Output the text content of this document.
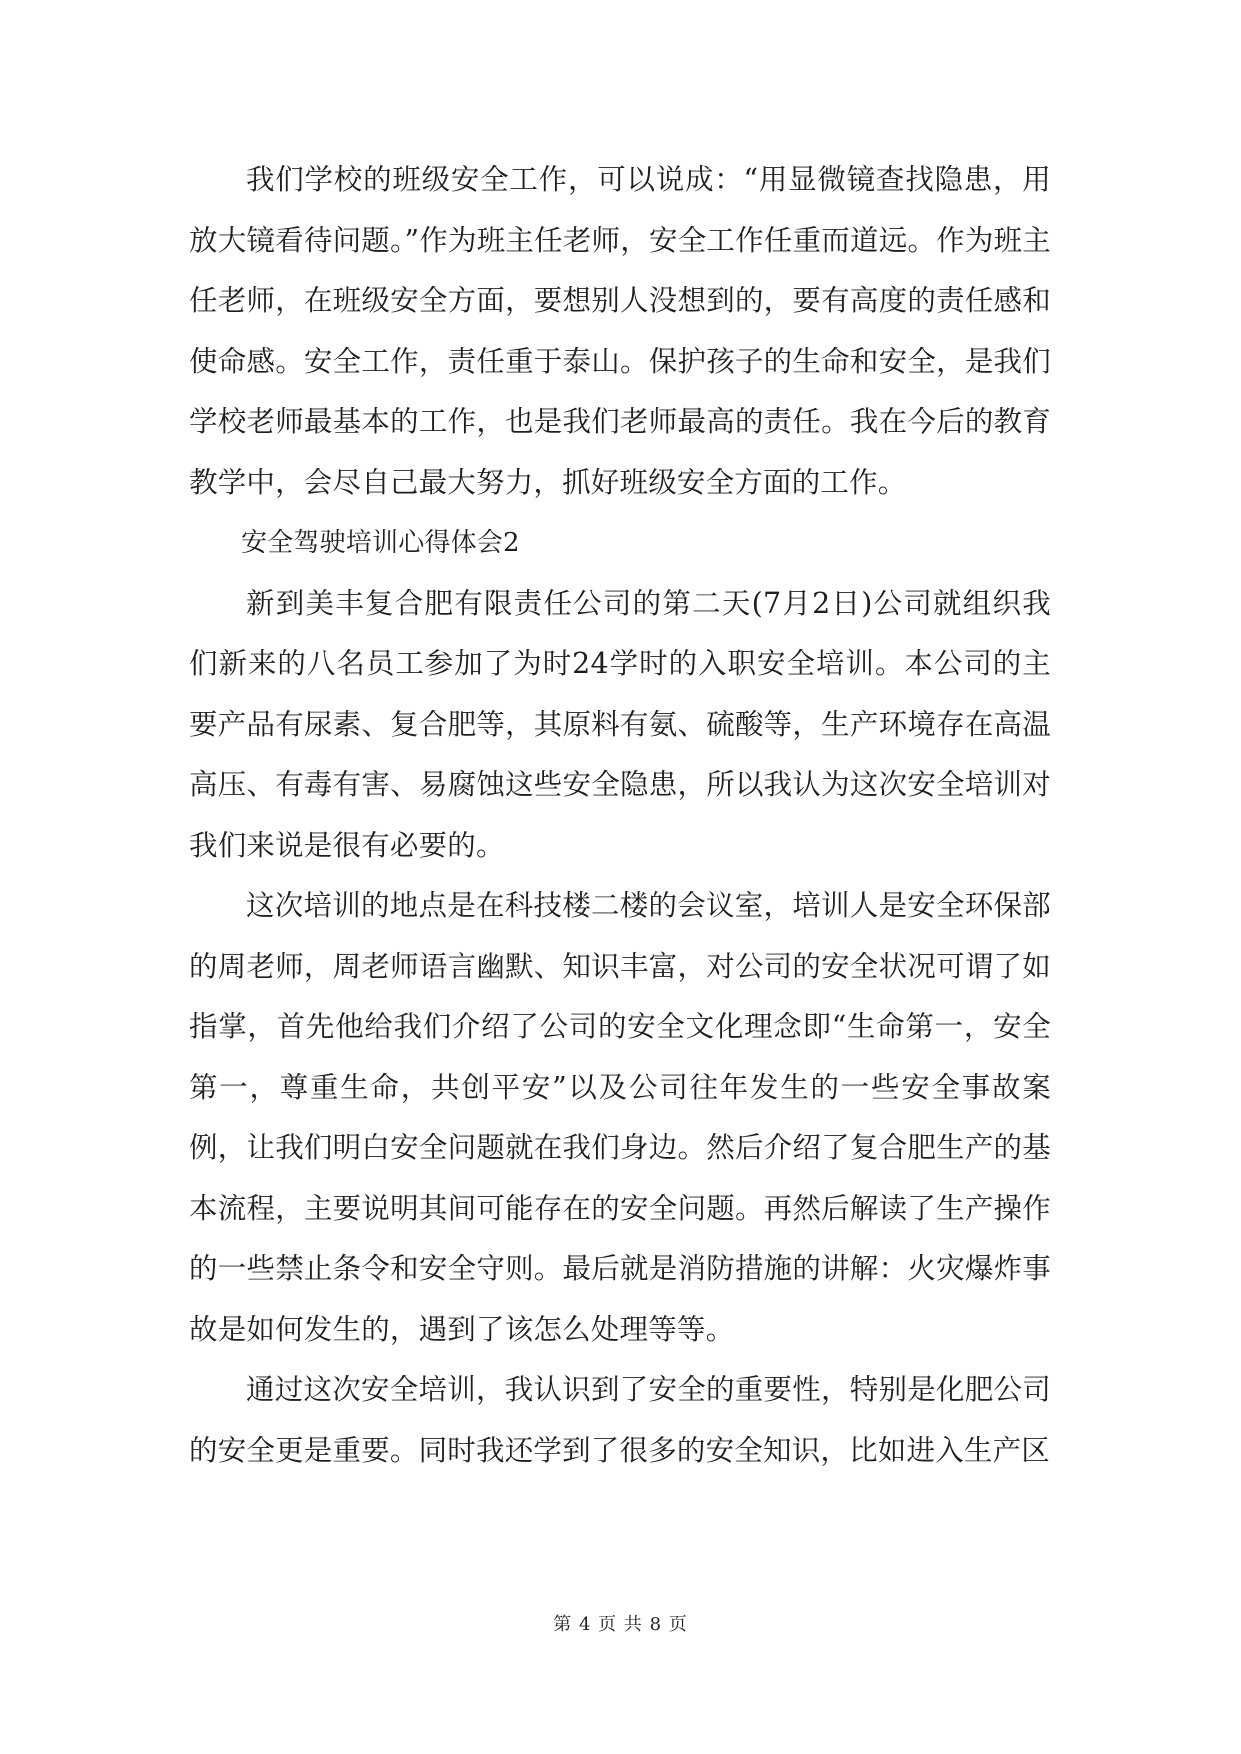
我们学校的班级安全工作，可以说成：“用显微镜查找隐患，用放大镜看待问题。”作为班主任老师，安全工作任重而道远。作为班主任老师，在班级安全方面，要想别人没想到的，要有高度的责任感和使命感。安全工作，责任重于泰山。保护孩子的生命和安全，是我们学校老师最基本的工作，也是我们老师最高的责任。我在今后的教育教学中，会尽自己最大努力，抓好班级安全方面的工作。

安全驾驶培训心得体会2

新到美丰复合肥有限责任公司的第二天(7月2日)公司就组织我们新来的八名员工参加了为时24学时的入职安全培训。本公司的主要产品有尿素、复合肥等，其原料有氨、硫酸等，生产环境存在高温高压、有毒有害、易腐蚀这些安全隐患，所以我认为这次安全培训对我们来说是很有必要的。

这次培训的地点是在科技楼二楼的会议室，培训人是安全环保部的周老师，周老师语言幽默、知识丰富，对公司的安全状况可谓了如指掌，首先他给我们介绍了公司的安全文化理念即“生命第一，安全第一，尊重生命，共创平安”以及公司往年发生的一些安全事故案例，让我们明白安全问题就在我们身边。然后介绍了复合肥生产的基本流程，主要说明其间可能存在的安全问题。再然后解读了生产操作的一些禁止条令和安全守则。最后就是消防措施的讲解：火灾爆炸事故是如何发生的，遇到了该怎么处理等等。

通过这次安全培训，我认识到了安全的重要性，特别是化肥公司的安全更是重要。同时我还学到了很多的安全知识，比如进入生产区

第 4 页 共 8 页
